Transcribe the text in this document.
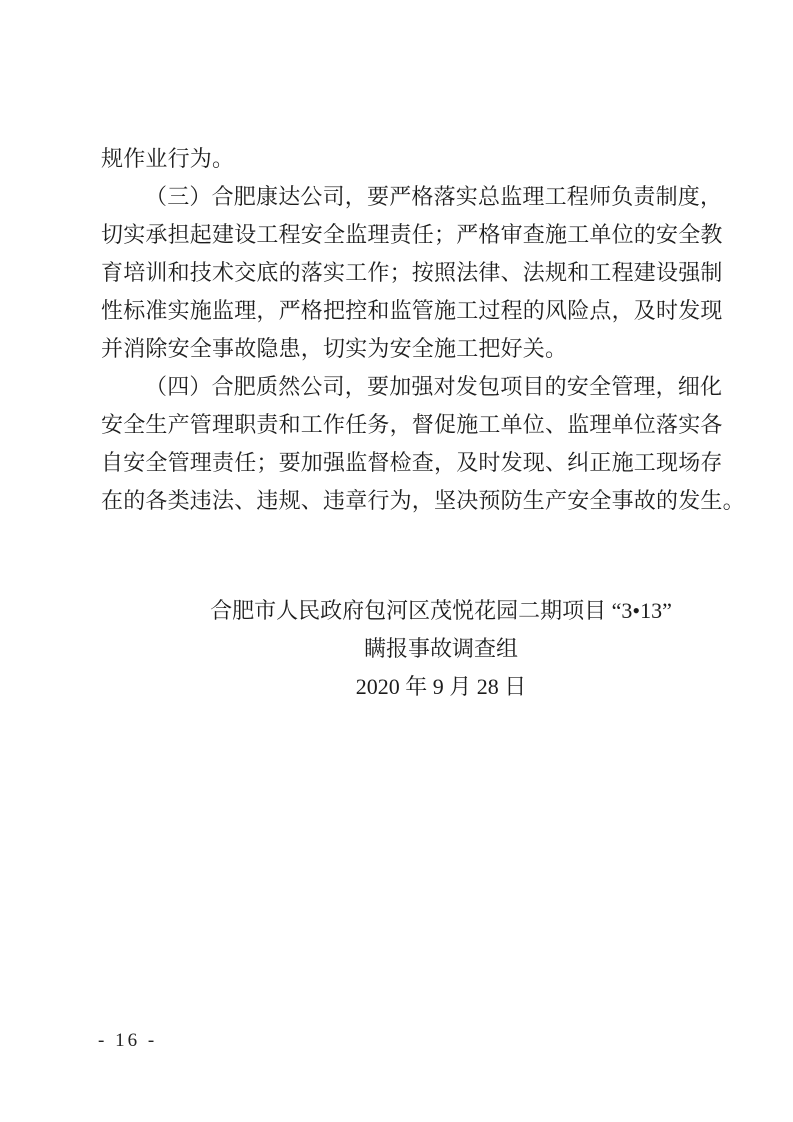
规作业行为。
（三）合肥康达公司，要严格落实总监理工程师负责制度，
切实承担起建设工程安全监理责任；严格审查施工单位的安全教
育培训和技术交底的落实工作；按照法律、法规和工程建设强制
性标准实施监理，严格把控和监管施工过程的风险点，及时发现
并消除安全事故隐患，切实为安全施工把好关。
（四）合肥质然公司，要加强对发包项目的安全管理，细化
安全生产管理职责和工作任务，督促施工单位、监理单位落实各
自安全管理责任；要加强监督检查，及时发现、纠正施工现场存
在的各类违法、违规、违章行为，坚决预防生产安全事故的发生。
合肥市人民政府包河区茂悦花园二期项目 “3•13”
瞒报事故调查组
2020 年 9 月 28 日
- 16 -
